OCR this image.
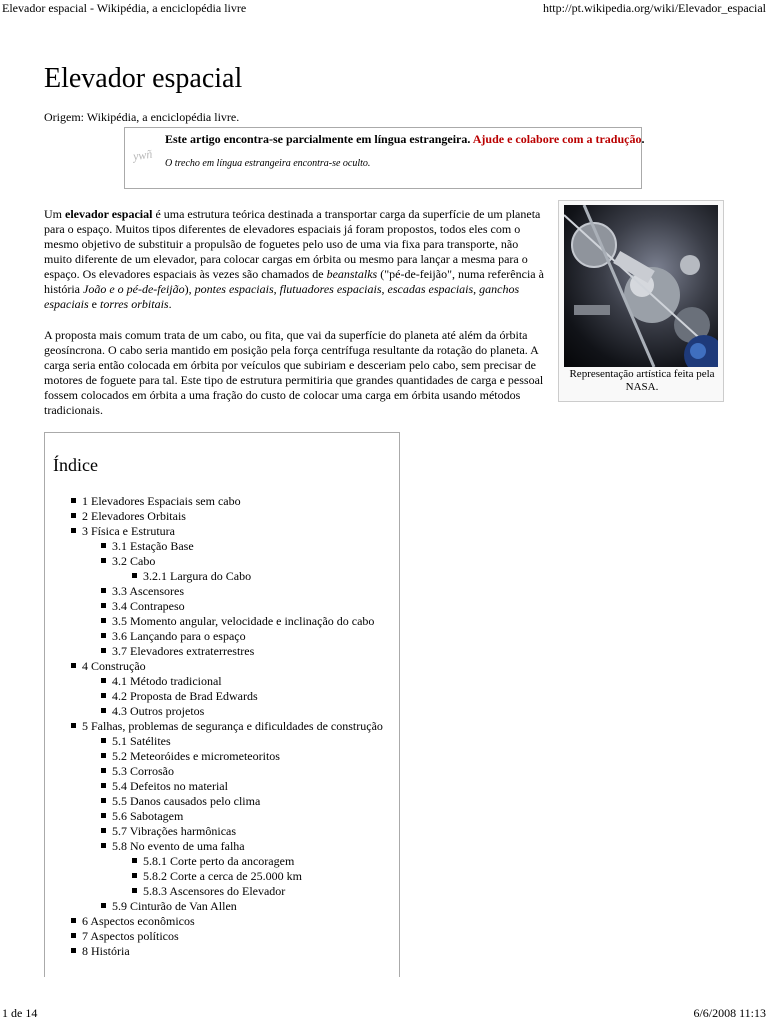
Elevador espacial - Wikipédia, a enciclopédia livre	http://pt.wikipedia.org/wiki/Elevador_espacial
Elevador espacial
Origem: Wikipédia, a enciclopédia livre.
ywñ
Este artigo encontra-se parcialmente em língua estrangeira. Ajude e colabore com a tradução.
O trecho em língua estrangeira encontra-se oculto.

Um elevador espacial é uma estrutura teórica destinada a transportar carga da superfície de um planeta para o espaço. Muitos tipos diferentes de elevadores espaciais já foram propostos, todos eles com o mesmo objetivo de substituir a propulsão de foguetes pelo uso de uma via fixa para transporte, não muito diferente de um elevador, para colocar cargas em órbita ou mesmo para lançar a mesma para o espaço. Os elevadores espaciais às vezes são chamados de beanstalks ("pé-de-feijão", numa referência à história João e o pé-de-feijão), pontes espaciais, flutuadores espaciais, escadas espaciais, ganchos espaciais e torres orbitais.

A proposta mais comum trata de um cabo, ou fita, que vai da superfície do planeta até além da órbita geosíncrona. O cabo seria mantido em posição pela força centrífuga resultante da rotação do planeta. A carga seria então colocada em órbita por veículos que subiriam e desceriam pelo cabo, sem precisar de motores de foguete para tal. Este tipo de estrutura permitiria que grandes quantidades de carga e pessoal fossem colocados em órbita a uma fração do custo de colocar uma carga em órbita usando métodos tradicionais.

Representação artística feita pela NASA.
Índice
1 Elevadores Espaciais sem cabo
2 Elevadores Orbitais
3 Física e Estrutura
3.1 Estação Base
3.2 Cabo
3.2.1 Largura do Cabo
3.3 Ascensores
3.4 Contrapeso
3.5 Momento angular, velocidade e inclinação do cabo
3.6 Lançando para o espaço
3.7 Elevadores extraterrestres
4 Construção
4.1 Método tradicional
4.2 Proposta de Brad Edwards
4.3 Outros projetos
5 Falhas, problemas de segurança e dificuldades de construção
5.1 Satélites
5.2 Meteoróides e micrometeoritos
5.3 Corrosão
5.4 Defeitos no material
5.5 Danos causados pelo clima
5.6 Sabotagem
5.7 Vibrações harmônicas
5.8 No evento de uma falha
5.8.1 Corte perto da ancoragem
5.8.2 Corte a cerca de 25.000 km
5.8.3 Ascensores do Elevador
5.9 Cinturão de Van Allen
6 Aspectos econômicos
7 Aspectos políticos
8 História
1 de 14	6/6/2008 11:13
